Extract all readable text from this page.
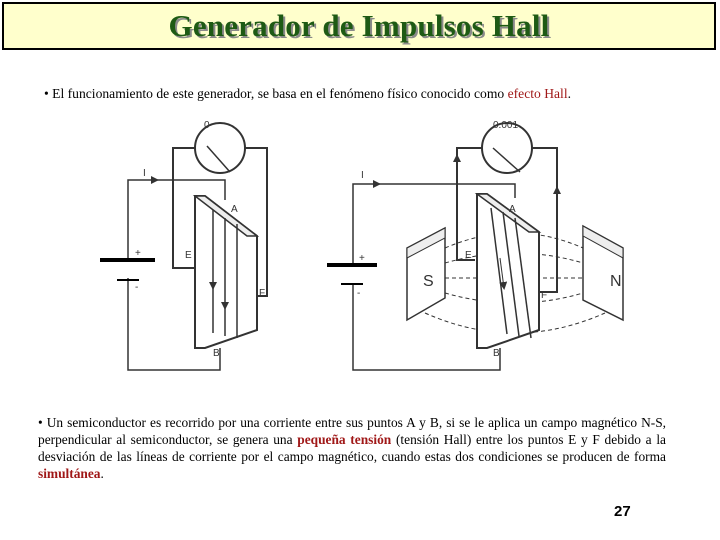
Generador de Impulsos Hall
• El funcionamiento de este generador, se basa en el fenómeno físico conocido como efecto Hall.
0
I
A
E
F
B
+
-
0.001
I
A
E
F
B
+
-
S	N
• Un semiconductor es recorrido por una corriente entre sus puntos A y B, si se le aplica un campo magnético N-S, perpendicular al semiconductor, se genera una pequeña tensión (tensión Hall) entre los puntos E y F debido a la desviación de las líneas de corriente por el campo magnético, cuando estas dos condiciones se producen de forma simultánea.
27
